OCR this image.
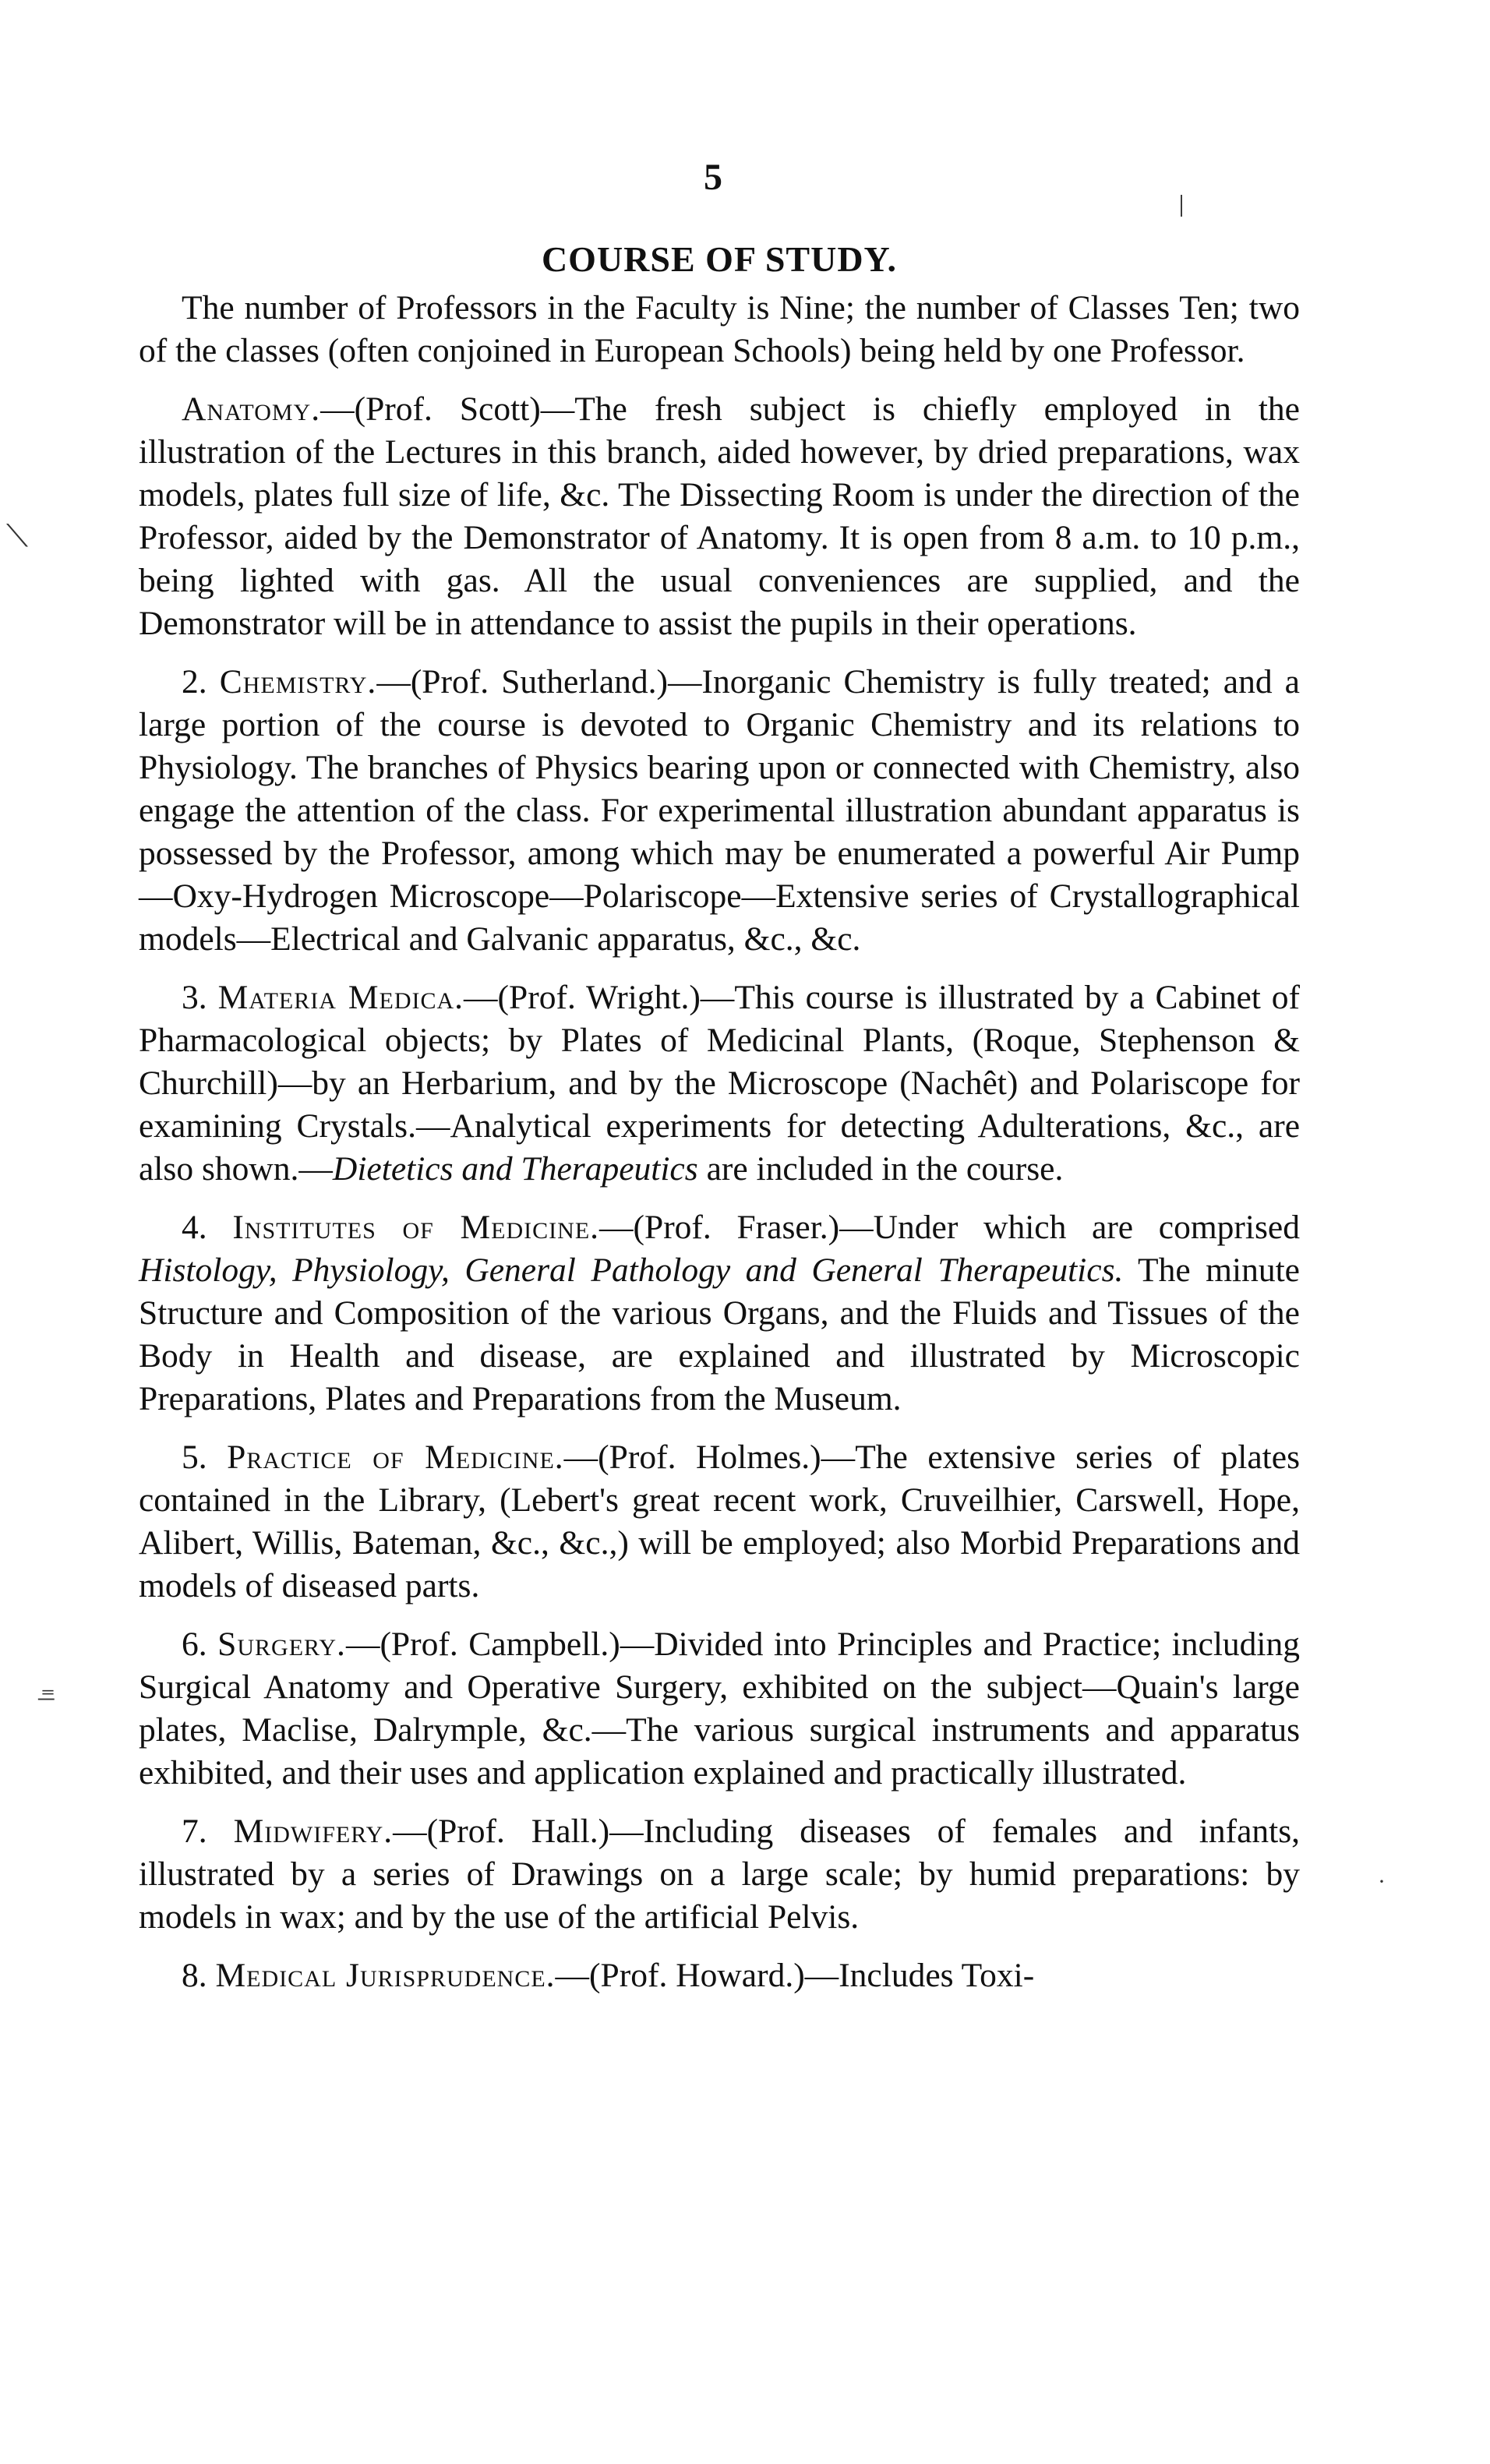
5
COURSE OF STUDY.

The number of Professors in the Faculty is Nine; the number of Classes Ten; two of the classes (often conjoined in European Schools) being held by one Professor.

Anatomy.—(Prof. Scott)—The fresh subject is chiefly employed in the illustration of the Lectures in this branch, aided however, by dried preparations, wax models, plates full size of life, &c. The Dissecting Room is under the direction of the Professor, aided by the Demonstrator of Anatomy. It is open from 8 a.m. to 10 p.m., being lighted with gas. All the usual conveniences are supplied, and the Demonstrator will be in attendance to assist the pupils in their operations.

2. Chemistry.—(Prof. Sutherland.)—Inorganic Chemistry is fully treated; and a large portion of the course is devoted to Organic Chemistry and its relations to Physiology. The branches of Physics bearing upon or connected with Chemistry, also engage the attention of the class. For experimental illustration abundant apparatus is possessed by the Professor, among which may be enumerated a powerful Air Pump—Oxy-Hydrogen Microscope—Polariscope—Extensive series of Crystallographical models—Electrical and Galvanic apparatus, &c., &c.

3. Materia Medica.—(Prof. Wright.)—This course is illustrated by a Cabinet of Pharmacological objects; by Plates of Medicinal Plants, (Roque, Stephenson & Churchill)—by an Herbarium, and by the Microscope (Nachêt) and Polariscope for examining Crystals.—Analytical experiments for detecting Adulterations, &c., are also shown.—Dietetics and Therapeutics are included in the course.

4. Institutes of Medicine.—(Prof. Fraser.)—Under which are comprised Histology, Physiology, General Pathology and General Therapeutics. The minute Structure and Composition of the various Organs, and the Fluids and Tissues of the Body in Health and disease, are explained and illustrated by Microscopic Preparations, Plates and Preparations from the Museum.

5. Practice of Medicine.—(Prof. Holmes.)—The extensive series of plates contained in the Library, (Lebert's great recent work, Cruveilhier, Carswell, Hope, Alibert, Willis, Bateman, &c., &c.,) will be employed; also Morbid Preparations and models of diseased parts.

6. Surgery.—(Prof. Campbell.)—Divided into Principles and Practice; including Surgical Anatomy and Operative Surgery, exhibited on the subject—Quain's large plates, Maclise, Dalrymple, &c.—The various surgical instruments and apparatus exhibited, and their uses and application explained and practically illustrated.

7. Midwifery.—(Prof. Hall.)—Including diseases of females and infants, illustrated by a series of Drawings on a large scale; by humid preparations: by models in wax; and by the use of the artificial Pelvis.

8. Medical Jurisprudence.—(Prof. Howard.)—Includes Toxi-

⟍
⁼̶
ǀ
·
